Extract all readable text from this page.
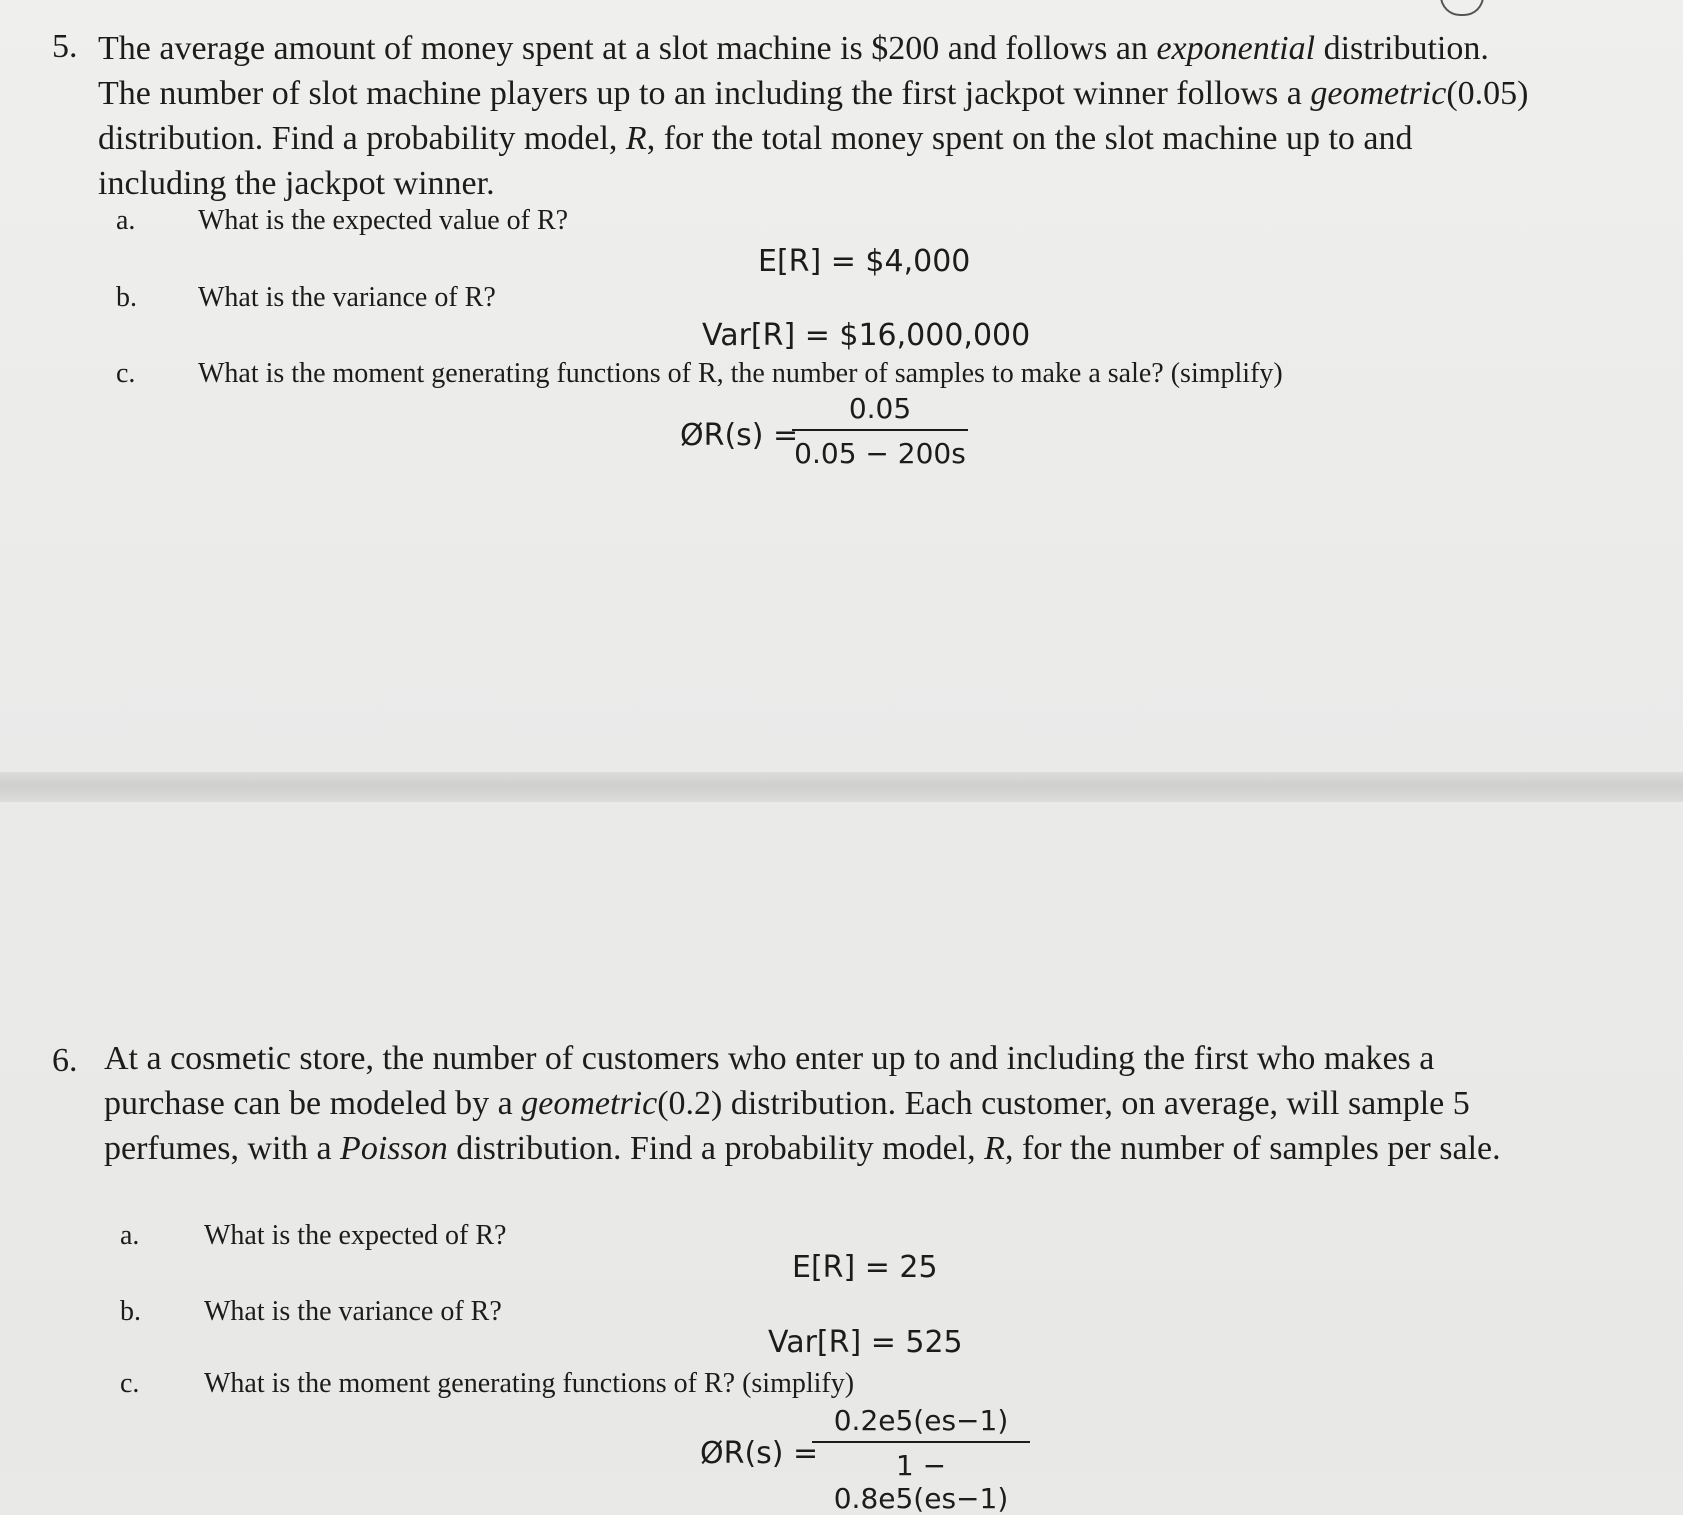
5. The average amount of money spent at a slot machine is $200 and follows an exponential distribution. The number of slot machine players up to an including the first jackpot winner follows a geometric(0.05) distribution. Find a probability model, R, for the total money spent on the slot machine up to and including the jackpot winner.
a. What is the expected value of R?
E[R] = $4,000
b. What is the variance of R?
Var[R] = $16,000,000
c. What is the moment generating functions of R, the number of samples to make a sale? (simplify)
ØR(s) =
0.05
0.05 − 200s
6. At a cosmetic store, the number of customers who enter up to and including the first who makes a purchase can be modeled by a geometric(0.2) distribution. Each customer, on average, will sample 5 perfumes, with a Poisson distribution. Find a probability model, R, for the number of samples per sale.
a. What is the expected of R?
E[R] = 25
b. What is the variance of R?
Var[R] = 525
c. What is the moment generating functions of R? (simplify)
ØR(s) =
0.2e5(es−1)
1 − 0.8e5(es−1)
